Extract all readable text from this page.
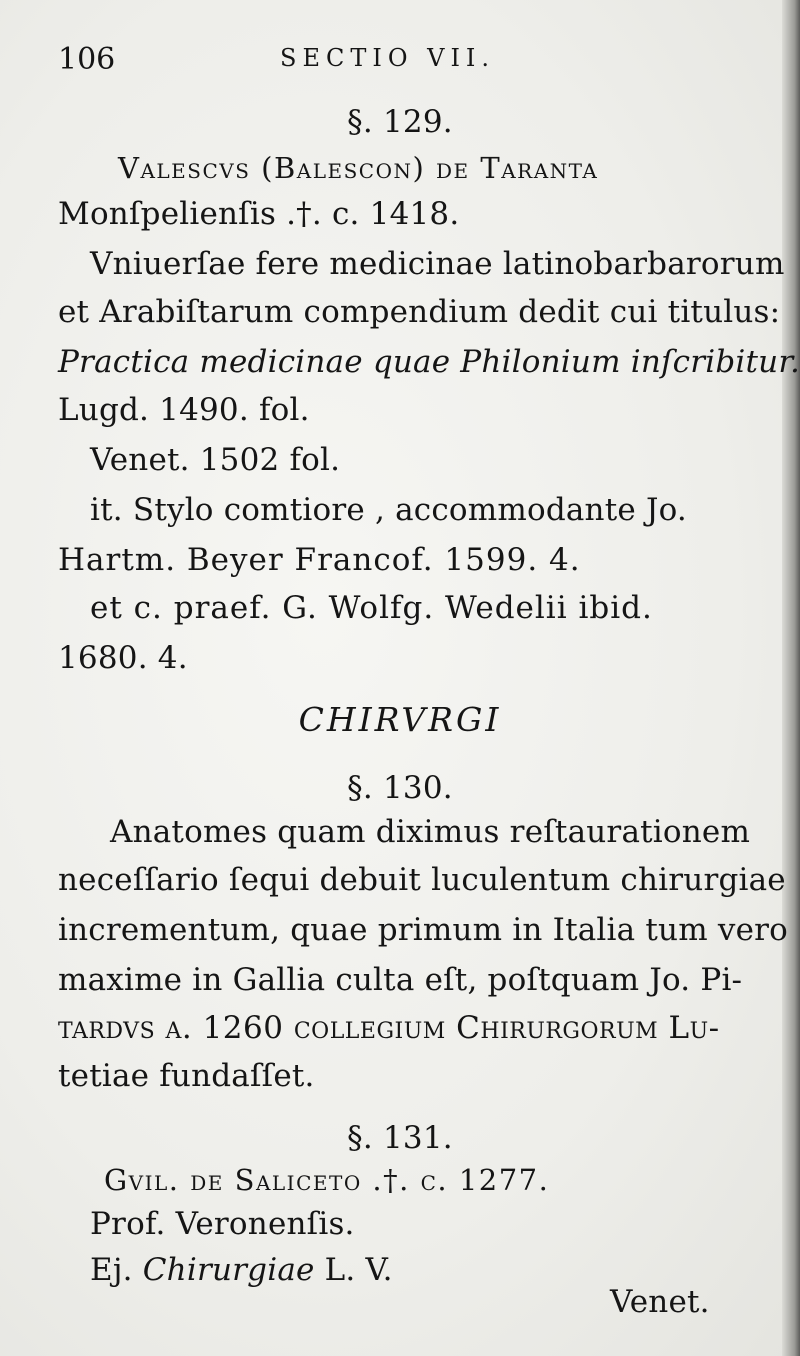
106	SECTIO VII.
§. 129.
Valescvs (Balescon) de Taranta
Monſpelienſis .†. c. 1418.
Vniuerſae fere medicinae latinobarbarorum
et Arabiſtarum compendium dedit cui titulus:
Practica medicinae quae Philonium inſcribitur.
Lugd. 1490. fol.
Venet. 1502 fol.
it. Stylo comtiore , accommodante Jo.
Hartm. Beyer Francof. 1599. 4.
et c. praef. G. Wolfg. Wedelii ibid.
1680. 4.
CHIRVRGI
§. 130.
Anatomes quam diximus reſtaurationem
neceſſario ſequi debuit luculentum chirurgiae
incrementum, quae primum in Italia tum vero
maxime in Gallia culta eſt, poſtquam Jo. Pi-
tardvs a. 1260 collegium Chirurgorum Lu-
tetiae fundaſſet.
§. 131.
Gvil. de Saliceto .†. c. 1277.
Prof. Veronenſis.
Ej. Chirurgiae L. V.
Venet.
